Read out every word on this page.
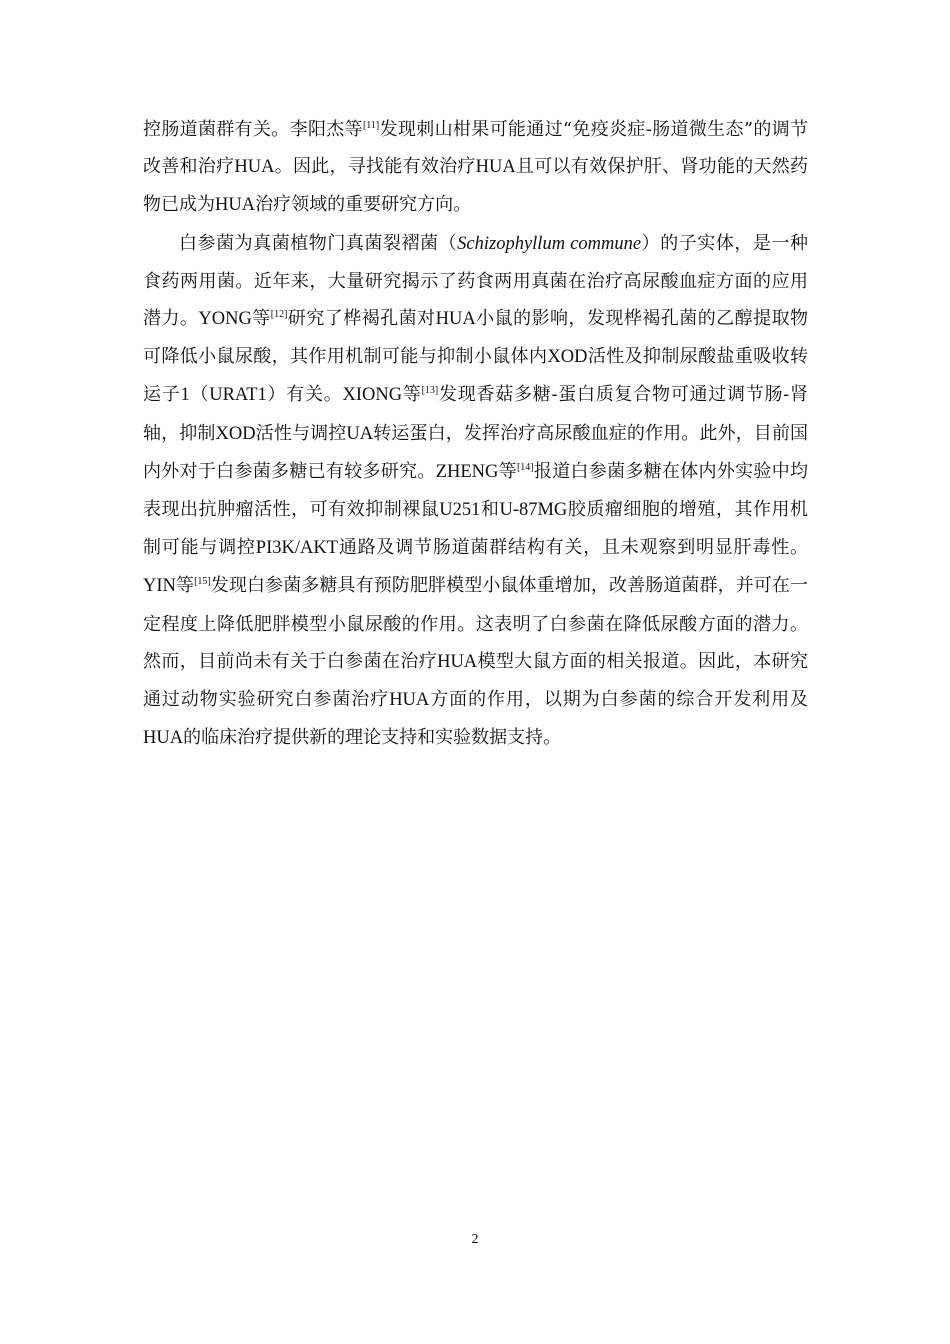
控肠道菌群有关。李阳杰等[11]发现刺山柑果可能通过“免疫炎症-肠道微生态”的调节改善和治疗HUA。因此，寻找能有效治疗HUA且可以有效保护肝、肾功能的天然药物已成为HUA治疗领域的重要研究方向。

白参菌为真菌植物门真菌裂褶菌（Schizophyllum commune）的子实体，是一种食药两用菌。近年来，大量研究揭示了药食两用真菌在治疗高尿酸血症方面的应用潜力。YONG等[12]研究了桦褐孔菌对HUA小鼠的影响，发现桦褐孔菌的乙醇提取物可降低小鼠尿酸，其作用机制可能与抑制小鼠体内XOD活性及抑制尿酸盐重吸收转运子1（URAT1）有关。XIONG等[13]发现香菇多糖-蛋白质复合物可通过调节肠-肾轴，抑制XOD活性与调控UA转运蛋白，发挥治疗高尿酸血症的作用。此外，目前国内外对于白参菌多糖已有较多研究。ZHENG等[14]报道白参菌多糖在体内外实验中均表现出抗肿瘤活性，可有效抑制裸鼠U251和U-87MG胶质瘤细胞的增殖，其作用机制可能与调控PI3K/AKT通路及调节肠道菌群结构有关，且未观察到明显肝毒性。YIN等[15]发现白参菌多糖具有预防肥胖模型小鼠体重增加，改善肠道菌群，并可在一定程度上降低肥胖模型小鼠尿酸的作用。这表明了白参菌在降低尿酸方面的潜力。然而，目前尚未有关于白参菌在治疗HUA模型大鼠方面的相关报道。因此，本研究通过动物实验研究白参菌治疗HUA方面的作用，以期为白参菌的综合开发利用及HUA的临床治疗提供新的理论支持和实验数据支持。

2
